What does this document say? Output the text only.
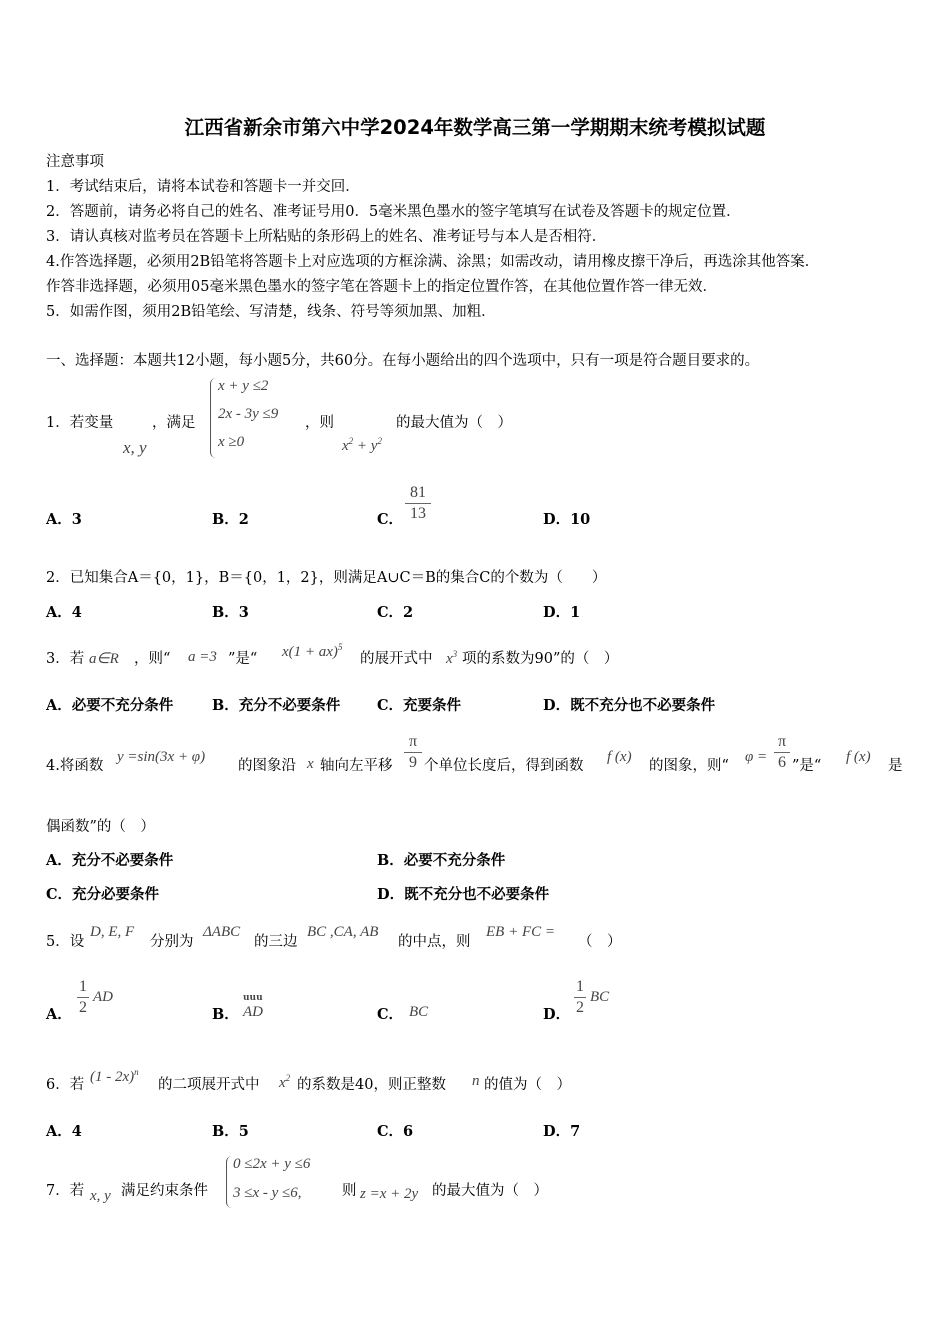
江西省新余市第六中学2024年数学高三第一学期期末统考模拟试题
注意事项
1．考试结束后，请将本试卷和答题卡一并交回．
2．答题前，请务必将自己的姓名、准考证号用0．5毫米黑色墨水的签字笔填写在试卷及答题卡的规定位置．
3．请认真核对监考员在答题卡上所粘贴的条形码上的姓名、准考证号与本人是否相符．
4.作答选择题，必须用2B铅笔将答题卡上对应选项的方框涂满、涂黑；如需改动，请用橡皮擦干净后，再选涂其他答案．
作答非选择题，必须用05毫米黑色墨水的签字笔在答题卡上的指定位置作答，在其他位置作答一律无效．
5．如需作图，须用2B铅笔绘、写清楚，线条、符号等须加黑、加粗．
一、选择题：本题共12小题，每小题5分，共60分。在每小题给出的四个选项中，只有一项是符合题目要求的。
1．若变量
x, y
，满足
x + y ≤2
2x - 3y ≤9
x ≥0
，则
$x^2 + y^2$
的最大值为（　）
A．3	B．2	C．
81
13	D．10
2．已知集合A＝{0，1}，B＝{0，1，2}，则满足A∪C＝B的集合C的个数为（　　）
A．4	B．3	C．2	D．1
3．若 a∈R ，则“ a =3 ”是“ x(1 + ax)$^5$
的展开式中 $x^3$ 项的系数为90”的（　）
A．必要不充分条件	B．充分不必要条件	C．充要条件	D．既不充分也不必要条件
4.将函数
y =sin(3x + φ)
的图象沿 x 轴向左平移
π
9 个单位长度后，得到函数
f (x)
的图象，则“
φ =
π
6 ”是“
f (x)
是
偶函数”的（　）
A．充分不必要条件	B．必要不充分条件
C．充分必要条件	D．既不充分也不必要条件
5．设
D, E, F
分别为
ΔABC
的三边
BC ,CA, AB
的中点，则
EB + FC =
（　）
A．
1
2
AD
B．
uuu
AD	C． BC	D．
1
2
BC
6．若 (1 - 2x)$^n$
的二项展开式中 $x^2$ 的系数是40，则正整数 n 的值为（　）
A．4	B．5	C．6	D．7
7．若 x, y 满足约束条件
0 ≤2x + y ≤6
3 ≤x - y ≤6,	则 z =x + 2y 的最大值为（　）
